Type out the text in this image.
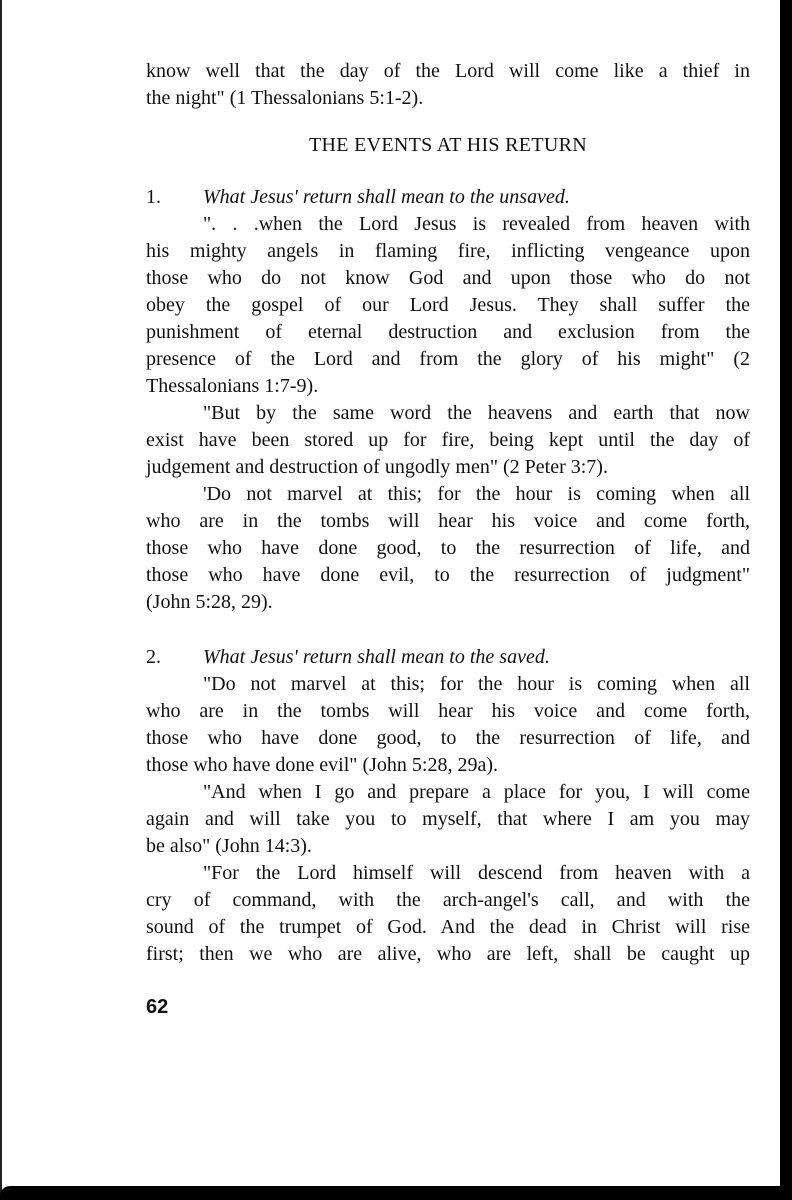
know well that the day of the Lord will come like a thief in
the night" (1 Thessalonians 5:1-2).
THE EVENTS AT HIS RETURN
1. What Jesus' return shall mean to the unsaved.
". . .when the Lord Jesus is revealed from heaven with
his mighty angels in flaming fire, inflicting vengeance upon
those who do not know God and upon those who do not
obey the gospel of our Lord Jesus. They shall suffer the
punishment of eternal destruction and exclusion from the
presence of the Lord and from the glory of his might" (2
Thessalonians 1:7-9).
"But by the same word the heavens and earth that now
exist have been stored up for fire, being kept until the day of
judgement and destruction of ungodly men" (2 Peter 3:7).
'Do not marvel at this; for the hour is coming when all
who are in the tombs will hear his voice and come forth,
those who have done good, to the resurrection of life, and
those who have done evil, to the resurrection of judgment"
(John 5:28, 29).
2. What Jesus' return shall mean to the saved.
"Do not marvel at this; for the hour is coming when all
who are in the tombs will hear his voice and come forth,
those who have done good, to the resurrection of life, and
those who have done evil" (John 5:28, 29a).
"And when I go and prepare a place for you, I will come
again and will take you to myself, that where I am you may
be also" (John 14:3).
"For the Lord himself will descend from heaven with a
cry of command, with the arch-angel's call, and with the
sound of the trumpet of God. And the dead in Christ will rise
first; then we who are alive, who are left, shall be caught up
62
